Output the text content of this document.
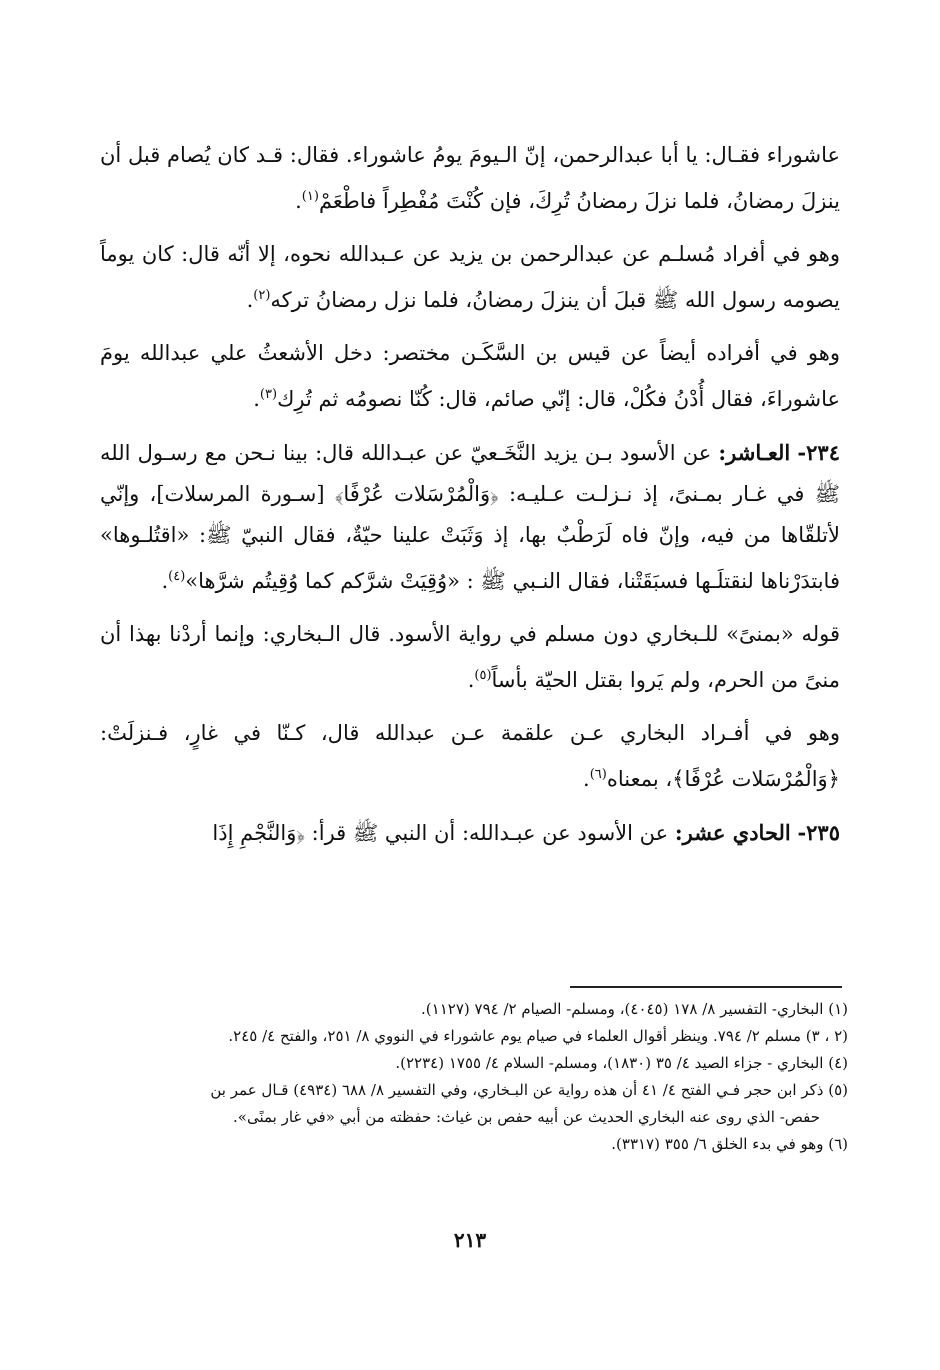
عاشوراء فقـال: يا أبا عبدالرحمن، إنّ الـيومَ يومُ عاشوراء. فقال: قـد كان يُصام قبل أن ينزلَ رمضانُ، فلما نزلَ رمضانُ تُرِكَ، فإن كُنْتَ مُفْطِراً فاطْعَمْ$^{(١)}$.

وهو في أفراد مُسلـم عن عبدالرحمن بن يزيد عن عـبدالله نحوه، إلا أنّه قال: كان يوماً يصومه رسول الله ﷺ قبلَ أن ينزلَ رمضانُ، فلما نزل رمضانُ تركه$^{(٢)}$.

وهو في أفراده أيضاً عن قيس بن السَّكَـن مختصر: دخل الأشعثُ علي عبدالله يومَ عاشوراءَ، فقال أُدْنُ فكُلْ، قال: إنّي صائم، قال: كُنّا نصومُه ثم تُرِك$^{(٣)}$.

٢٣٤- العـاشر: عن الأسود بـن يزيد النَّخَـعيّ عن عبـدالله قال: بينا نـحن مع رسـول الله ﷺ في غـار بمـنىً، إذ نـزلـت عـليـه: ﴿وَالْمُرْسَلات عُرْفًا﴾ [سـورة المرسلات]، وإنّي لأتلقّاها من فيه، وإنّ فاه لَرَطْبٌ بها، إذ وَثَبَتْ علينا حيّةٌ، فقال النبيّ ﷺ: «اقتُلـوها» فابتدَرْناها لنقتلَـها فسبَقَتْنا، فقال النـبي ﷺ : «وُقِيَتْ شرَّكم كما وُقِيتُم شرَّها»$^{(٤)}$.

قوله «بمنىً» للـبخاري دون مسلم في رواية الأسود. قال الـبخاري: وإنما أردْنا بهذا أن منىً من الحرم، ولم يَروا بقتل الحيّة بأساً$^{(٥)}$.

وهو في أفـراد البخاري عـن علقمة عـن عبدالله قال، كـنّا في غارٍ، فـنزلَتْ: ﴿وَالْمُرْسَلات عُرْفًا﴾، بمعناه$^{(٦)}$.

٢٣٥- الحادي عشر: عن الأسود عن عبـدالله: أن النبي ﷺ قرأ: ﴿وَالنَّجْمِ إِذَا

(١) البخاري- التفسير ٨/ ١٧٨ (٤٠٤٥)، ومسلم- الصيام ٢/ ٧٩٤ (١١٢٧).

(٢ ، ٣) مسلم ٢/ ٧٩٤. وينظر أقوال العلماء في صيام يوم عاشوراء في النووي ٨/ ٢٥١، والفتح ٤/ ٢٤٥.

(٤) البخاري - جزاء الصيد ٤/ ٣٥ (١٨٣٠)، ومسلم- السلام ٤/ ١٧٥٥ (٢٢٣٤).

(٥) ذكر ابن حجر فـي الفتح ٤/ ٤١ أن هذه رواية عن البـخاري، وفي التفسير ٨/ ٦٨٨ (٤٩٣٤) قـال عمر بن

حفص- الذي روى عنه البخاري الحديث عن أبيه حفص بن غياث: حفظته من أبي «في غار بمنًى».

(٦) وهو في بدء الخلق ٦/ ٣٥٥ (٣٣١٧).

٢١٣
